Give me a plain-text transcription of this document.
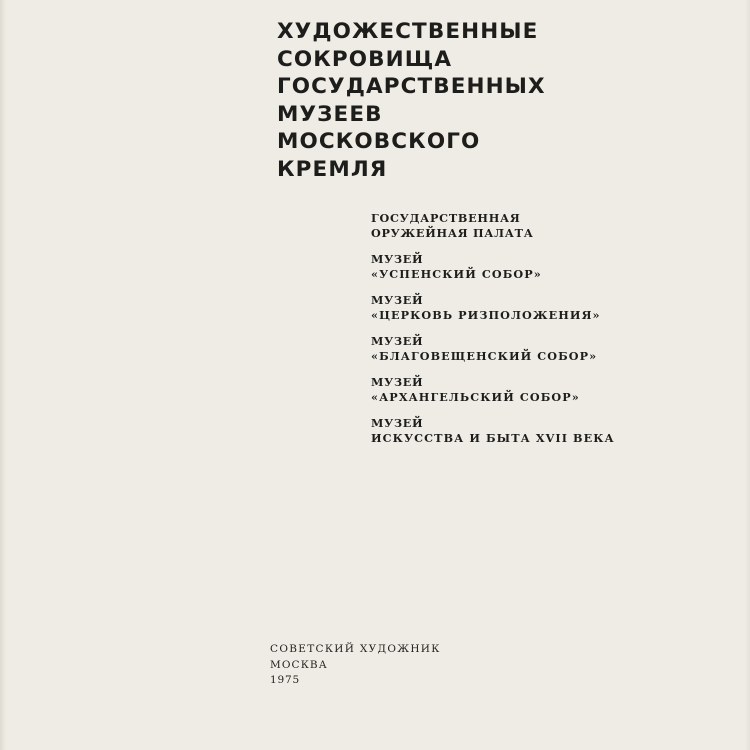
ХУДОЖЕСТВЕННЫЕ
СОКРОВИЩА
ГОСУДАРСТВЕННЫХ
МУЗЕЕВ
МОСКОВСКОГО
КРЕМЛЯ
ГОСУДАРСТВЕННАЯ
ОРУЖЕЙНАЯ ПАЛАТА
МУЗЕЙ
«УСПЕНСКИЙ СОБОР»
МУЗЕЙ
«ЦЕРКОВЬ РИЗПОЛОЖЕНИЯ»
МУЗЕЙ
«БЛАГОВЕЩЕНСКИЙ СОБОР»
МУЗЕЙ
«АРХАНГЕЛЬСКИЙ СОБОР»
МУЗЕЙ
ИСКУССТВА И БЫТА XVII ВЕКА
СОВЕТСКИЙ ХУДОЖНИК
МОСКВА
1975
